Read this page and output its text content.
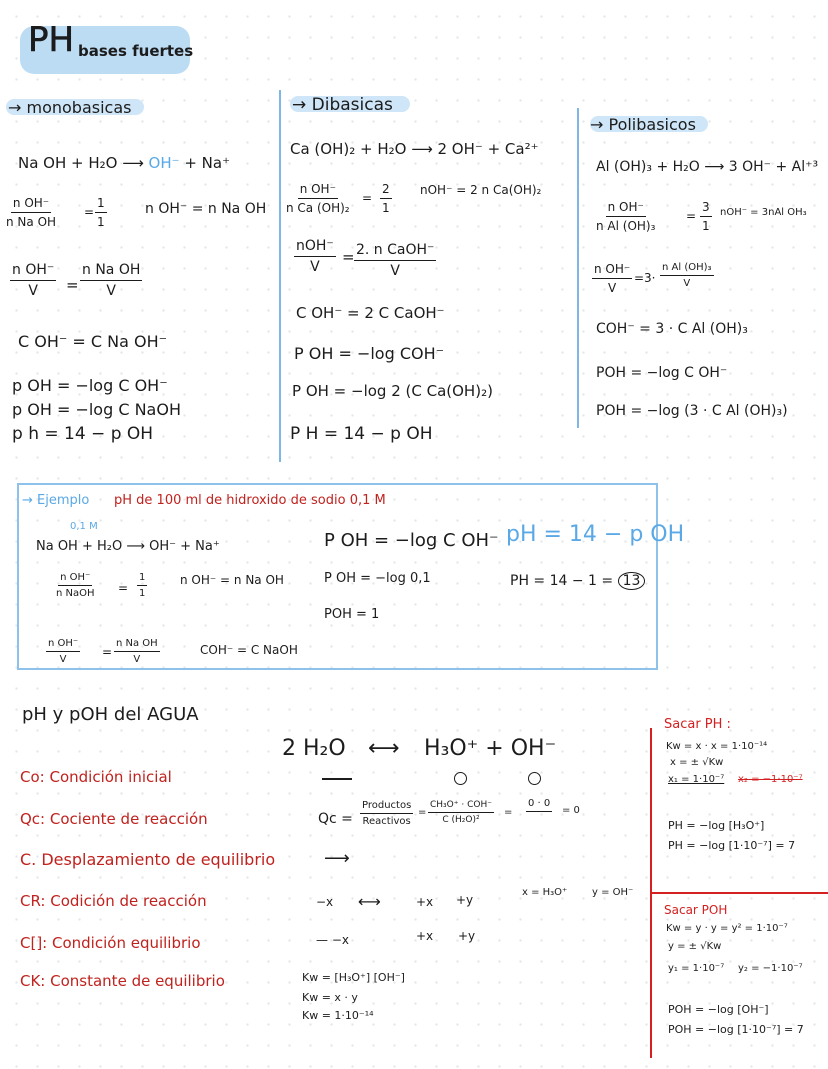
PH bases fuertes
→ monobasicas
Na OH + H₂O ⟶ OH⁻ + Na⁺
$\frac{\text{n OH⁻}}{\text{n Na OH}} = \frac{1}{1}$	n OH⁻ = n Na OH
$\frac{\text{n OH⁻}}{V} = \frac{\text{n Na OH}}{V}$
C OH⁻ = C Na OH⁻
p OH = −log C OH⁻
p OH = −log C NaOH
p h = 14 − p OH
→ Dibasicas
Ca (OH)₂ + H₂O ⟶ 2 OH⁻ + Ca²⁺
$\frac{\text{n OH⁻}}{\text{n Ca (OH)₂}} = \frac{2}{1} nOH^- = 2$ n Ca(OH)₂
nOH⁻
V
= 2. n CaOH⁻
V
C OH⁻ = 2 C CaOH⁻
P OH = −log COH⁻
P OH = −log 2 (C Ca(OH)₂)
P H = 14 − p OH
→ Polibasicos
Al (OH)₃ + H₂O ⟶ 3 OH⁻ + Al⁺³
$\frac{\text{n OH⁻}}{\text{n Al (OH)₃}} = \frac{3}{1} nOH^- = 3nAl$ OH₃
$\frac{\text{n OH⁻}}{V} = 3\cdot \frac{\text{n Al (OH)₃}}{V}$
COH⁻ = 3 · C Al (OH)₃
POH = −log C OH⁻
POH = −log (3 · C Al (OH)₃)
→ Ejemplo pH de 100 ml de hidroxido de sodio 0,1 M
0,1 M
Na OH + H₂O ⟶ OH⁻ + Na⁺
n OH⁻
n NaOH = $\frac{1}{1}$	n OH⁻ = n Na OH
$\frac{\text{n OH⁻}}{V} = \frac{\text{n Na OH}}{V}$	COH⁻ = C NaOH
P OH = −log C OH⁻
P OH = −log 0,1
POH = 1
pH = 14 − p OH
PH = 14 − 1 = 13
pH y pOH del AGUA
2 H₂O ⟷ H₃O⁺ + OH⁻
Co: Condición inicial
Qc: Cociente de reacción
C. Desplazamiento de equilibrio
CR: Codición de reacción
C[]: Condición equilibrio
CK: Constante de equilibrio
Qc =
Productos
Reactivos
=
CH₃O⁺ · COH⁻
C (H₂O)²
=
0 · 0
= 0
⟶
−x ⟷	+x +y
x = H₃O⁺ y = OH⁻
— −x	+x +y
Kw = [H₃O⁺] [OH⁻]
Kw = x · y
Kw = 1·10⁻¹⁴
Sacar PH :
Kw = x · x = 1·10⁻¹⁴
x = ± √Kw
x₁ = 1·10⁻⁷ x₂ = −1·10⁻⁷
PH = −log [H₃O⁺]
PH = −log [1·10⁻⁷] = 7
Sacar POH
Kw = y · y = y² = 1·10⁻⁷
y = ± √Kw
y₁ = 1·10⁻⁷ y₂ = −1·10⁻⁷
POH = −log [OH⁻]
POH = −log [1·10⁻⁷] = 7
